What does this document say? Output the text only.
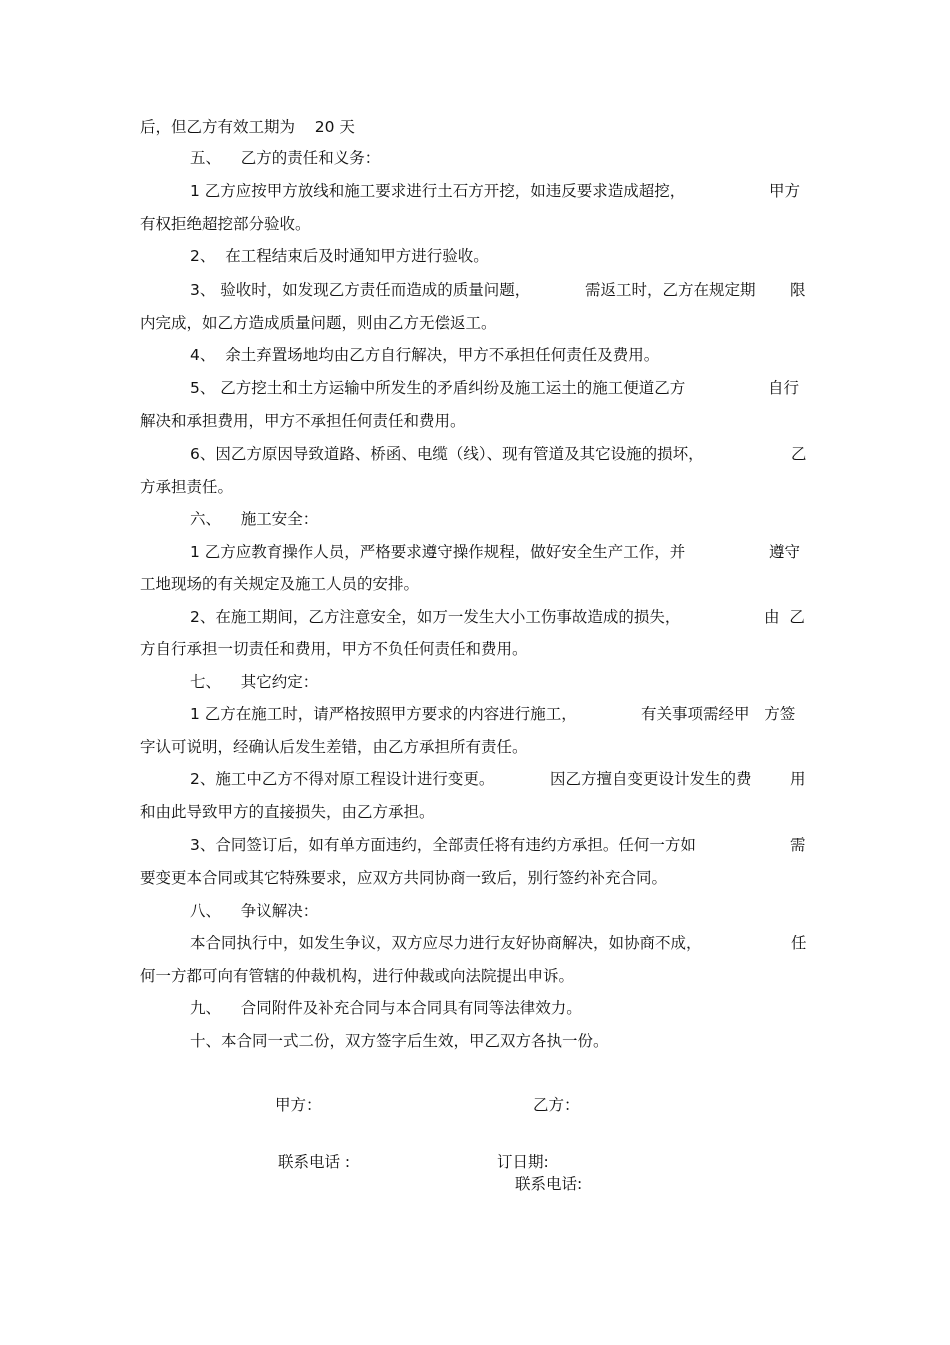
后，但乙方有效工期为    20 天
五、    乙方的责任和义务：
1 乙方应按甲方放线和施工要求进行土石方开挖，如违反要求造成超挖，	甲方
有权拒绝超挖部分验收。
2、  在工程结束后及时通知甲方进行验收。
3、 验收时，如发现乙方责任而造成的质量问题，	需返工时，乙方在规定期 限
内完成，如乙方造成质量问题，则由乙方无偿返工。
4、  余土弃置场地均由乙方自行解决，甲方不承担任何责任及费用。
5、 乙方挖土和土方运输中所发生的矛盾纠纷及施工运土的施工便道乙方	自行
解决和承担费用，甲方不承担任何责任和费用。
6、因乙方原因导致道路、桥函、电缆（线）、现有管道及其它设施的损坏，	乙
方承担责任。
六、    施工安全：
1 乙方应教育操作人员，严格要求遵守操作规程，做好安全生产工作，并	遵守
工地现场的有关规定及施工人员的安排。
2、在施工期间，乙方注意安全，如万一发生大小工伤事故造成的损失，	由  乙
方自行承担一切责任和费用，甲方不负任何责任和费用。
七、    其它约定：
1 乙方在施工时，请严格按照甲方要求的内容进行施工，	有关事项需经甲   方签
字认可说明，经确认后发生差错，由乙方承担所有责任。
2、施工中乙方不得对原工程设计进行变更。	因乙方擅自变更设计发生的费 用
和由此导致甲方的直接损失，由乙方承担。
3、合同签订后，如有单方面违约，全部责任将有违约方承担。任何一方如	需
要变更本合同或其它特殊要求，应双方共同协商一致后，别行签约补充合同。
八、    争议解决：
本合同执行中，如发生争议，双方应尽力进行友好协商解决，如协商不成，	任
何一方都可向有管辖的仲裁机构，进行仲裁或向法院提出申诉。
九、    合同附件及补充合同与本合同具有同等法律效力。
十、本合同一式二份，双方签字后生效，甲乙双方各执一份。
甲方：	乙方：
联系电话 :	订日期:
联系电话:
